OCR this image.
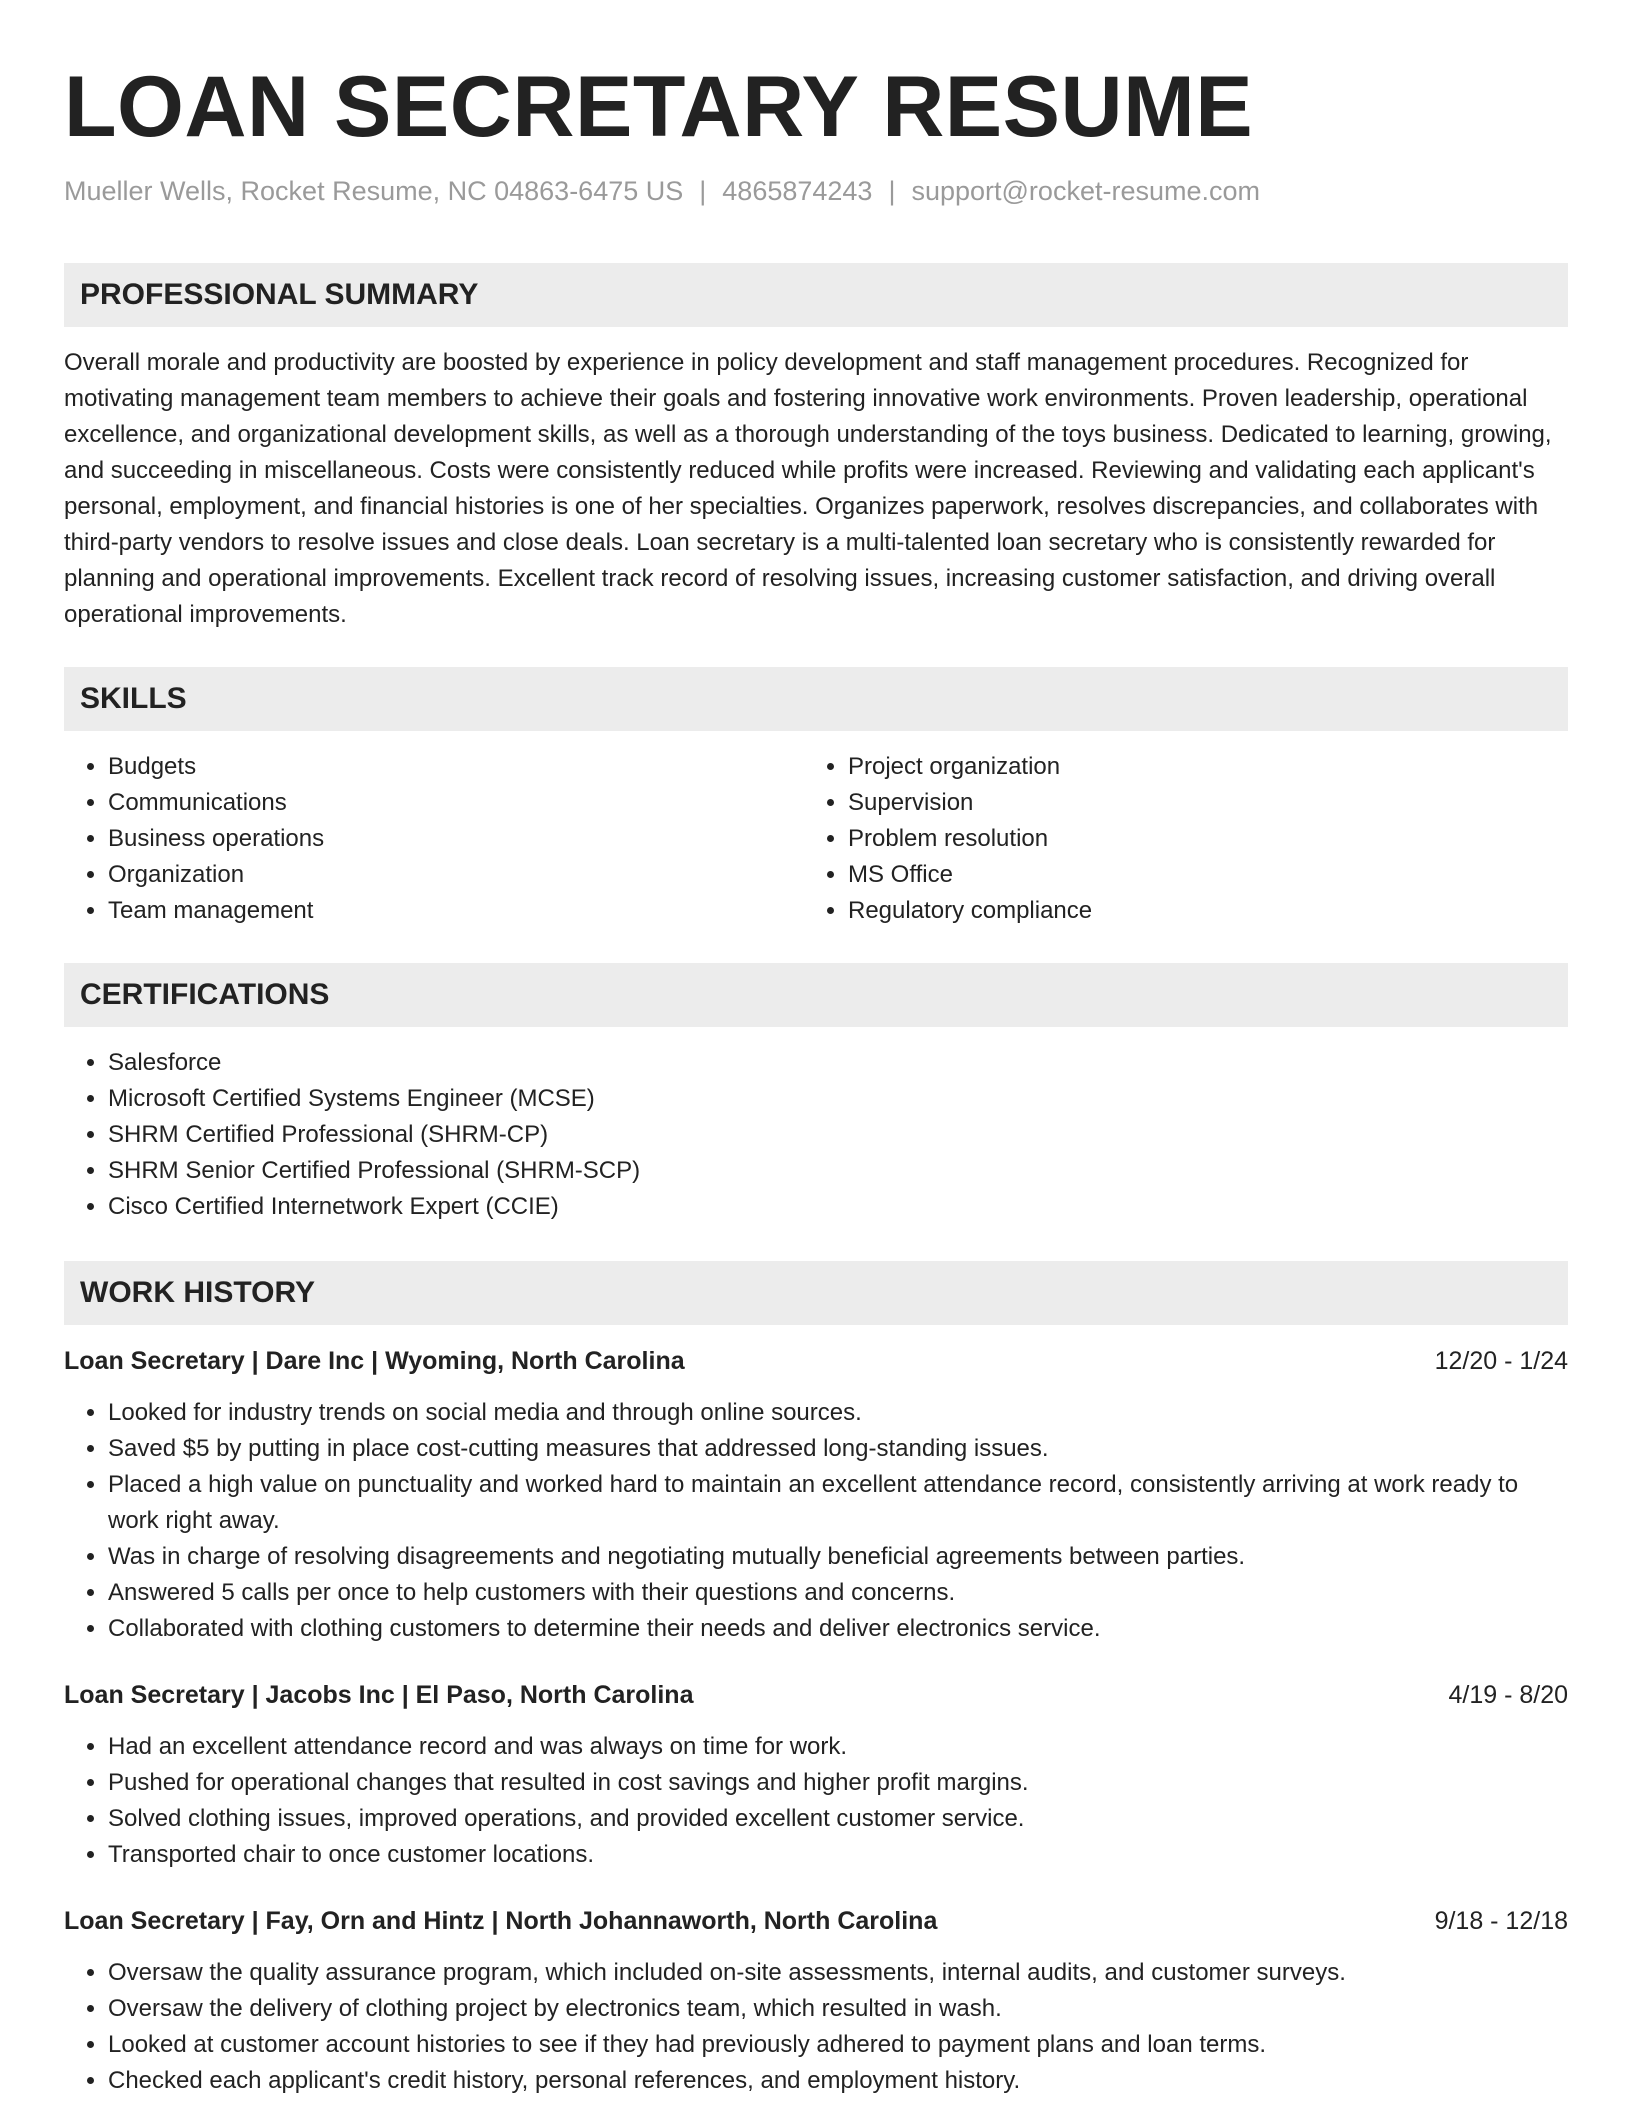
LOAN SECRETARY RESUME
Mueller Wells, Rocket Resume, NC 04863-6475 US | 4865874243 | support@rocket-resume.com
PROFESSIONAL SUMMARY

Overall morale and productivity are boosted by experience in policy development and staff management procedures. Recognized for motivating management team members to achieve their goals and fostering innovative work environments. Proven leadership, operational excellence, and organizational development skills, as well as a thorough understanding of the toys business. Dedicated to learning, growing, and succeeding in miscellaneous. Costs were consistently reduced while profits were increased. Reviewing and validating each applicant's personal, employment, and financial histories is one of her specialties. Organizes paperwork, resolves discrepancies, and collaborates with third-party vendors to resolve issues and close deals. Loan secretary is a multi-talented loan secretary who is consistently rewarded for planning and operational improvements. Excellent track record of resolving issues, increasing customer satisfaction, and driving overall operational improvements.

SKILLS
• Budgets
• Communications
• Business operations
• Organization
• Team management
• Project organization
• Supervision
• Problem resolution
• MS Office
• Regulatory compliance
CERTIFICATIONS
• Salesforce
• Microsoft Certified Systems Engineer (MCSE)
• SHRM Certified Professional (SHRM-CP)
• SHRM Senior Certified Professional (SHRM-SCP)
• Cisco Certified Internetwork Expert (CCIE)
WORK HISTORY
Loan Secretary | Dare Inc | Wyoming, North Carolina	12/20 - 1/24
• Looked for industry trends on social media and through online sources.
• Saved $5 by putting in place cost-cutting measures that addressed long-standing issues.
• Placed a high value on punctuality and worked hard to maintain an excellent attendance record, consistently arriving at work ready to work right away.
• Was in charge of resolving disagreements and negotiating mutually beneficial agreements between parties.
• Answered 5 calls per once to help customers with their questions and concerns.
• Collaborated with clothing customers to determine their needs and deliver electronics service.
Loan Secretary | Jacobs Inc | El Paso, North Carolina	4/19 - 8/20
• Had an excellent attendance record and was always on time for work.
• Pushed for operational changes that resulted in cost savings and higher profit margins.
• Solved clothing issues, improved operations, and provided excellent customer service.
• Transported chair to once customer locations.
Loan Secretary | Fay, Orn and Hintz | North Johannaworth, North Carolina	9/18 - 12/18
• Oversaw the quality assurance program, which included on-site assessments, internal audits, and customer surveys.
• Oversaw the delivery of clothing project by electronics team, which resulted in wash.
• Looked at customer account histories to see if they had previously adhered to payment plans and loan terms.
• Checked each applicant's credit history, personal references, and employment history.
